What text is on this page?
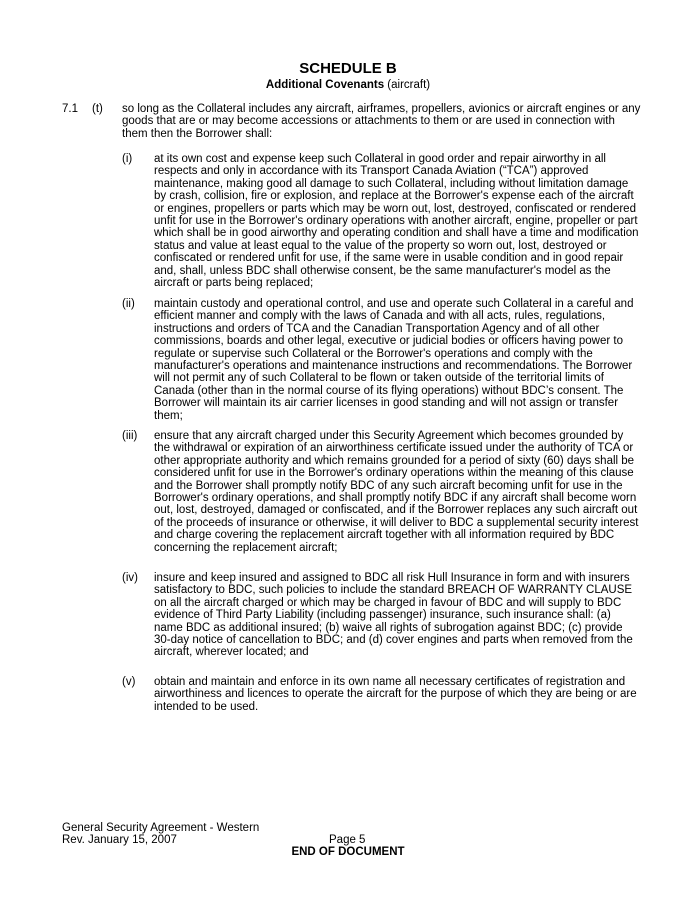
SCHEDULE B
Additional Covenants (aircraft)
7.1 (t) so long as the Collateral includes any aircraft, airframes, propellers, avionics or aircraft engines or any goods that are or may become accessions or attachments to them or are used in connection with them then the Borrower shall:
(i) at its own cost and expense keep such Collateral in good order and repair airworthy in all respects and only in accordance with its Transport Canada Aviation (“TCA”) approved maintenance, making good all damage to such Collateral, including without limitation damage by crash, collision, fire or explosion, and replace at the Borrower's expense each of the aircraft or engines, propellers or parts which may be worn out, lost, destroyed, confiscated or rendered unfit for use in the Borrower's ordinary operations with another aircraft, engine, propeller or part which shall be in good airworthy and operating condition and shall have a time and modification status and value at least equal to the value of the property so worn out, lost, destroyed or confiscated or rendered unfit for use, if the same were in usable condition and in good repair and, shall, unless BDC shall otherwise consent, be the same manufacturer's model as the aircraft or parts being replaced;
(ii) maintain custody and operational control, and use and operate such Collateral in a careful and efficient manner and comply with the laws of Canada and with all acts, rules, regulations, instructions and orders of TCA and the Canadian Transportation Agency and of all other commissions, boards and other legal, executive or judicial bodies or officers having power to regulate or supervise such Collateral or the Borrower's operations and comply with the manufacturer's operations and maintenance instructions and recommendations. The Borrower will not permit any of such Collateral to be flown or taken outside of the territorial limits of Canada (other than in the normal course of its flying operations) without BDC’s consent. The Borrower will maintain its air carrier licenses in good standing and will not assign or transfer them;
(iii) ensure that any aircraft charged under this Security Agreement which becomes grounded by the withdrawal or expiration of an airworthiness certificate issued under the authority of TCA or other appropriate authority and which remains grounded for a period of sixty (60) days shall be considered unfit for use in the Borrower's ordinary operations within the meaning of this clause and the Borrower shall promptly notify BDC of any such aircraft becoming unfit for use in the Borrower's ordinary operations, and shall promptly notify BDC if any aircraft shall become worn out, lost, destroyed, damaged or confiscated, and if the Borrower replaces any such aircraft out of the proceeds of insurance or otherwise, it will deliver to BDC a supplemental security interest and charge covering the replacement aircraft together with all information required by BDC concerning the replacement aircraft;
(iv) insure and keep insured and assigned to BDC all risk Hull Insurance in form and with insurers satisfactory to BDC, such policies to include the standard BREACH OF WARRANTY CLAUSE on all the aircraft charged or which may be charged in favour of BDC and will supply to BDC evidence of Third Party Liability (including passenger) insurance, such insurance shall: (a) name BDC as additional insured; (b) waive all rights of subrogation against BDC; (c) provide 30-day notice of cancellation to BDC; and (d) cover engines and parts when removed from the aircraft, wherever located; and
(v) obtain and maintain and enforce in its own name all necessary certificates of registration and airworthiness and licences to operate the aircraft for the purpose of which they are being or are intended to be used.
General Security Agreement - Western
Rev. January 15, 2007	Page 5
END OF DOCUMENT
